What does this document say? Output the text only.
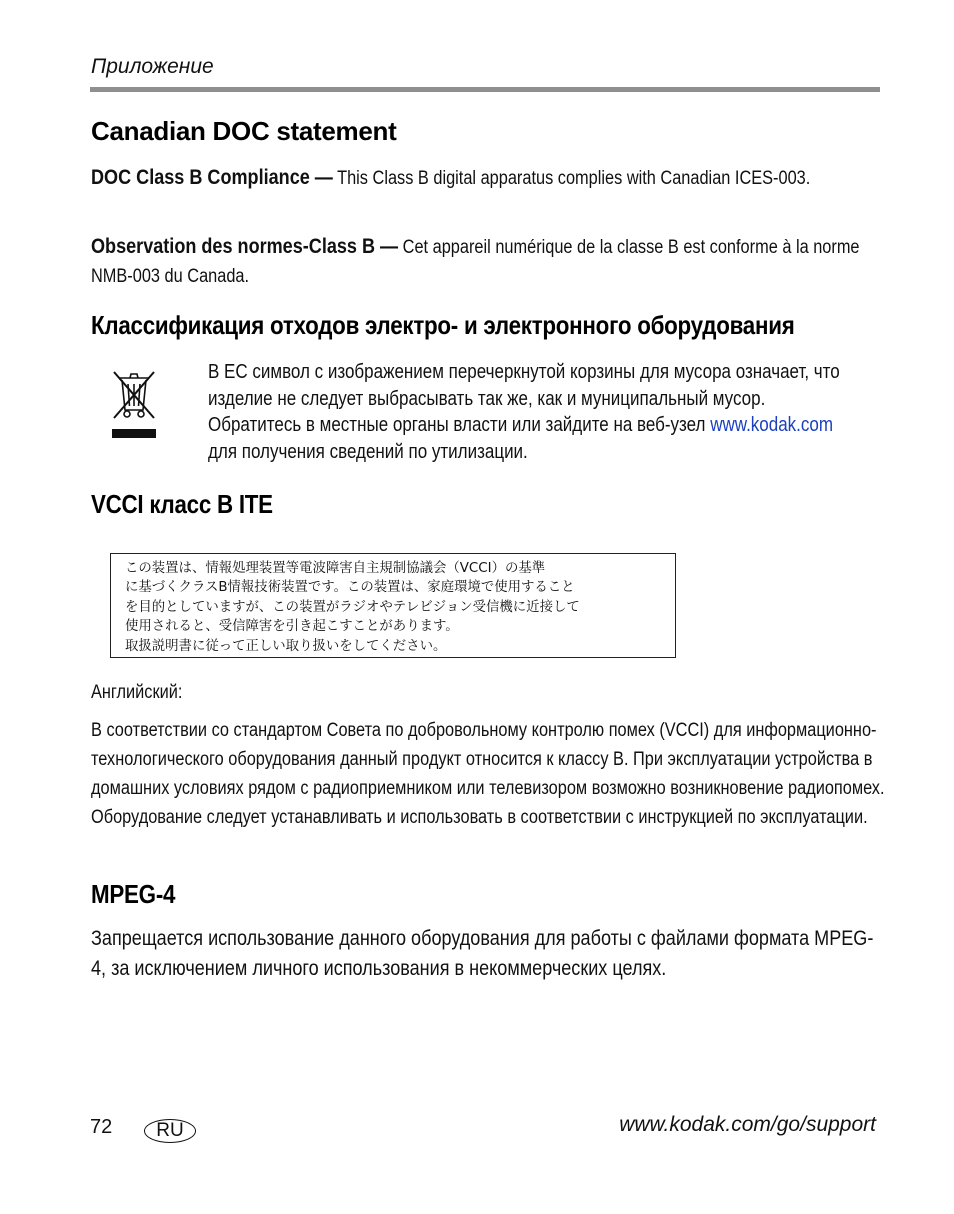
Приложение
Canadian DOC statement
DOC Class B Compliance — This Class B digital apparatus complies with Canadian ICES-003.
Observation des normes-Class B — Cet appareil numérique de la classe B est conforme à la norme NMB-003 du Canada.
Классификация отходов электро- и электронного оборудования
В ЕС символ с изображением перечеркнутой корзины для мусора означает, что изделие не следует выбрасывать так же, как и муниципальный мусор. Обратитесь в местные органы власти или зайдите на веб-узел www.kodak.com для получения сведений по утилизации.
VCCI класс B ITE
この装置は、情報処理装置等電波障害自主規制協議会（VCCI）の基準
に基づくクラスB情報技術装置です。この装置は、家庭環境で使用すること
を目的としていますが、この装置がラジオやテレビジョン受信機に近接して
使用されると、受信障害を引き起こすことがあります。
取扱説明書に従って正しい取り扱いをしてください。
Английский:
В соответствии со стандартом Совета по добровольному контролю помех (VCCI) для информационно-технологического оборудования данный продукт относится к классу B. При эксплуатации устройства в домашних условиях рядом с радиоприемником или телевизором возможно возникновение радиопомех. Оборудование следует устанавливать и использовать в соответствии с инструкцией по эксплуатации.
MPEG-4
Запрещается использование данного оборудования для работы с файлами формата MPEG-4, за исключением личного использования в некоммерческих целях.
72	RU	www.kodak.com/go/support
